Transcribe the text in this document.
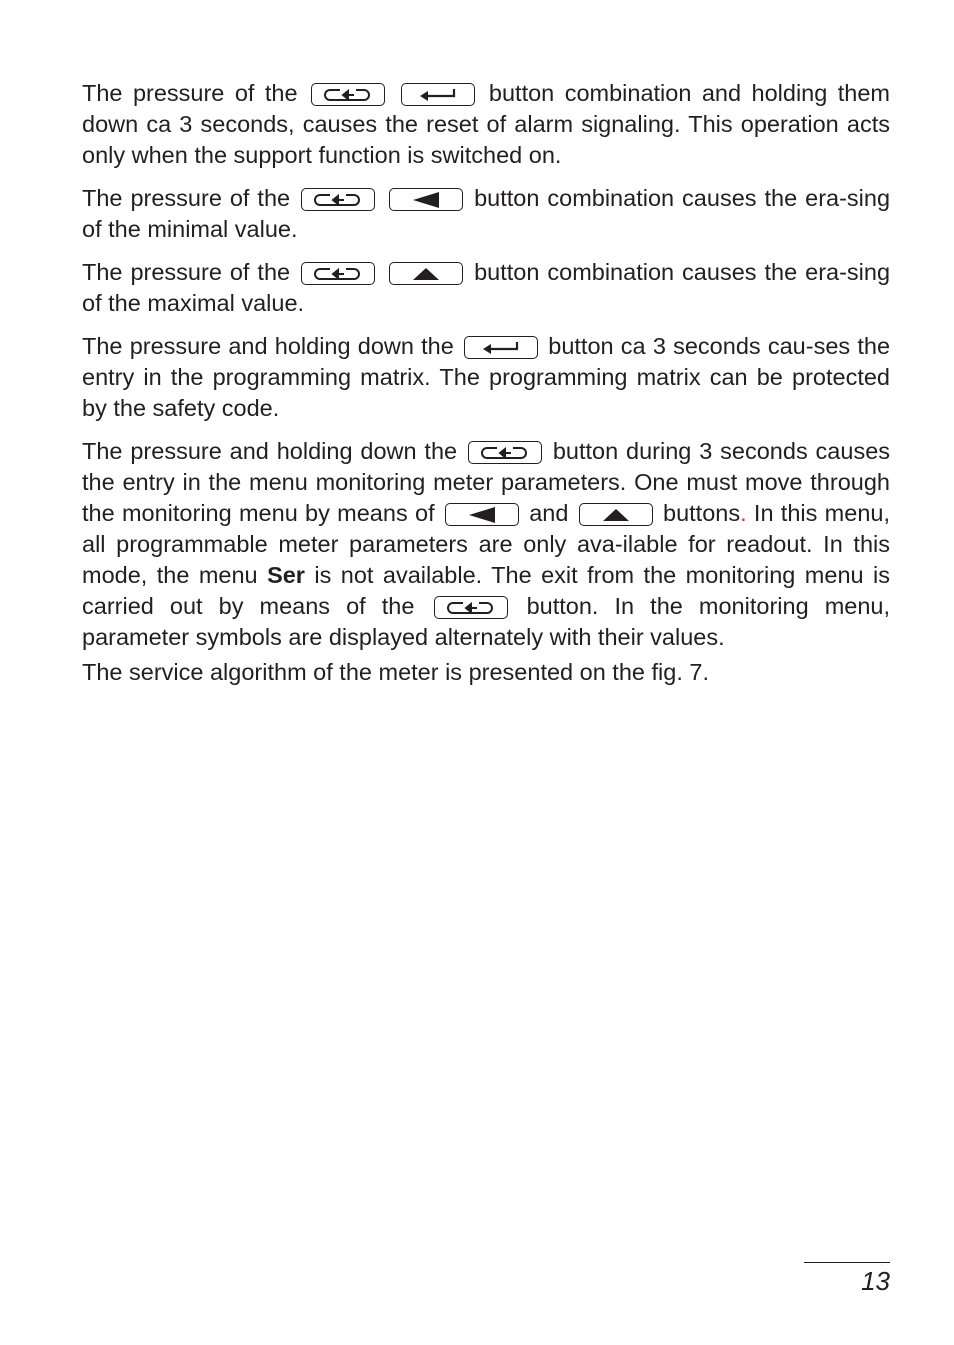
The pressure of the
	button combination and holding them down ca 3 seconds, causes the reset of alarm signaling. This operation acts only when the support function is switched on.

The pressure of the
	button combination causes the era-sing of the minimal value.

The pressure of the
	button combination causes the era-sing of the maximal value.

The pressure and holding down the	button ca 3 seconds cau-ses the entry in the programming matrix. The programming matrix can be protected by the safety code.

The pressure and holding down the	button during 3 seconds causes the entry in the menu monitoring meter parameters. One must move through the monitoring menu by means of	and	buttons. In this menu, all programmable meter parameters are only ava-ilable for readout. In this mode, the menu Ser is not available. The exit from the monitoring menu is carried out by means of the	button. In the monitoring menu, parameter symbols are displayed alternately with their values.

The service algorithm of the meter is presented on the fig. 7.

13
